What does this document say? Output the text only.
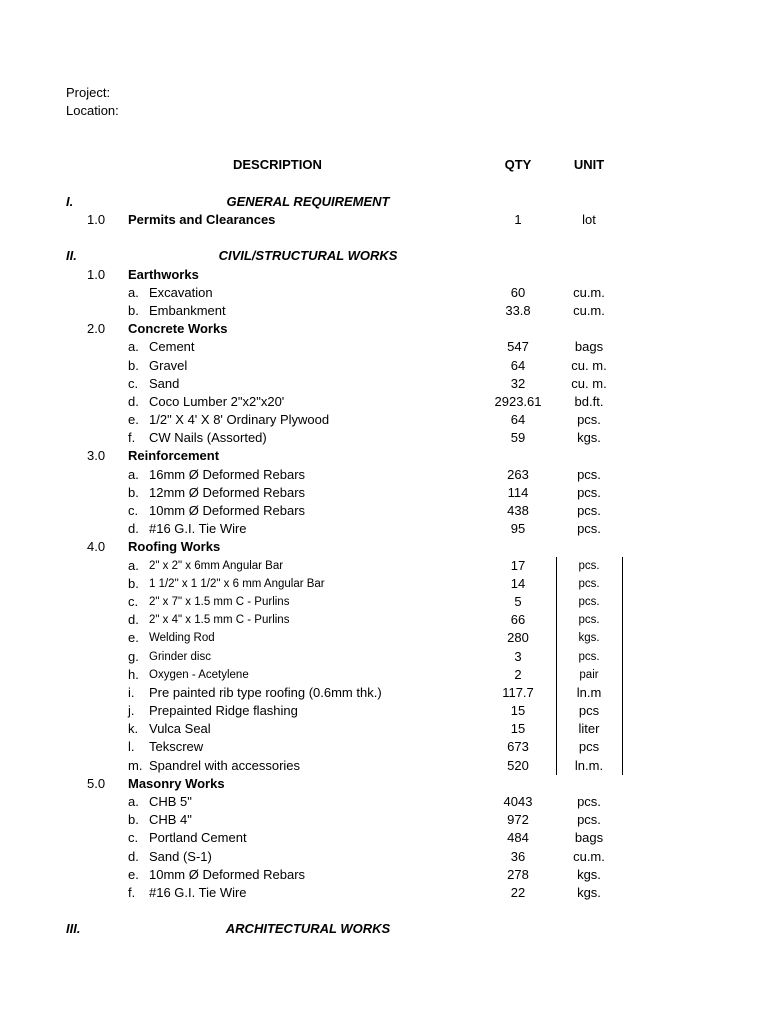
Project:
Location:
DESCRIPTION	QTY	UNIT
I.	GENERAL REQUIREMENT
1.0 Permits and Clearances	1	lot
II.	CIVIL/STRUCTURAL WORKS
1.0 Earthworks
a. Excavation	60	cu.m.
b. Embankment	33.8	cu.m.
2.0 Concrete Works
a. Cement	547	bags
b. Gravel	64	cu. m.
c. Sand	32	cu. m.
d. Coco Lumber 2"x2"x20'	2923.61	bd.ft.
e. 1/2" X 4' X 8' Ordinary Plywood	64	pcs.
f.	CW Nails (Assorted)	59	kgs.
3.0 Reinforcement
a. 16mm Ø Deformed Rebars	263	pcs.
b. 12mm Ø Deformed Rebars	114	pcs.
c. 10mm Ø Deformed Rebars	438	pcs.
d. #16 G.I. Tie Wire	95	pcs.
4.0 Roofing Works
a. 2" x 2" x 6mm Angular Bar	17	pcs.
b. 1 1/2" x 1 1/2" x 6 mm Angular Bar	14	pcs.
c. 2" x 7" x 1.5 mm C - Purlins	5	pcs.
d. 2" x 4" x 1.5 mm C - Purlins	66	pcs.
e. Welding Rod	280	kgs.
g. Grinder disc	3	pcs.
h. Oxygen - Acetylene	2	pair
i.	Pre painted rib type roofing (0.6mm thk.)	117.7	ln.m
j.	Prepainted Ridge flashing	15	pcs
k. Vulca Seal	15	liter
l.	Tekscrew	673	pcs
m. Spandrel with accessories	520	ln.m.
5.0 Masonry Works
a. CHB 5"	4043	pcs.
b. CHB 4"	972	pcs.
c. Portland Cement	484	bags
d. Sand (S-1)	36	cu.m.
e. 10mm Ø Deformed Rebars	278	kgs.
f.	#16 G.I. Tie Wire	22	kgs.
III.	ARCHITECTURAL WORKS
